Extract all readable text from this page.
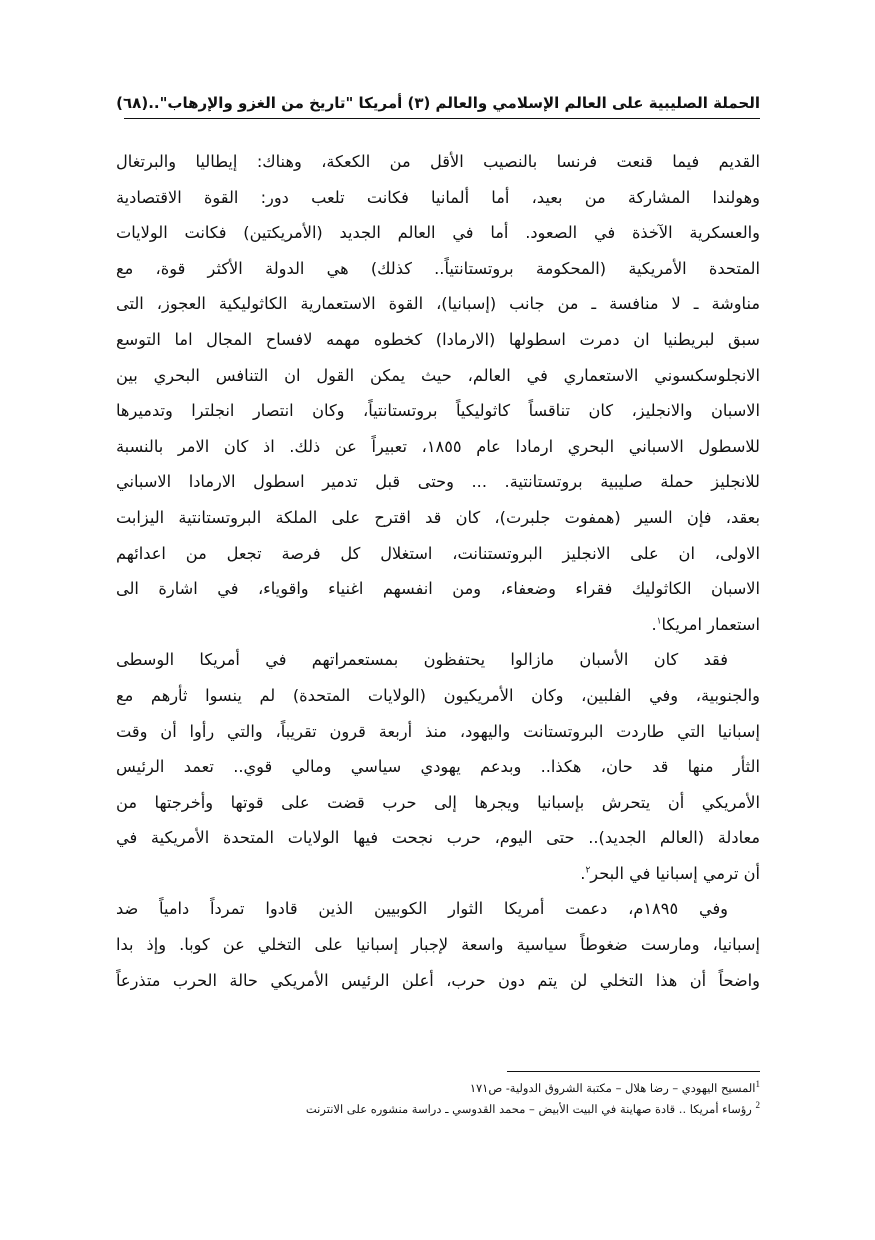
الحملة الصليبية على العالم الإسلامي والعالم (٣) أمريكا "تاريخ من الغزو والإرهاب"..
(٦٨)
القديم فيما قنعت فرنسا بالنصيب الأقل من الكعكة، وهناك: إيطاليا والبرتغال
وهولندا المشاركة من بعيد، أما ألمانيا فكانت تلعب دور: القوة الاقتصادية
والعسكرية الآخذة في الصعود. أما في العالم الجديد (الأمريكتين) فكانت الولايات
المتحدة الأمريكية (المحكومة بروتستانتياً.. كذلك) هي الدولة الأكثر قوة، مع
مناوشة ـ لا منافسة ـ من جانب (إسبانيا)، القوة الاستعمارية الكاثوليكية العجوز، التى
سبق لبريطنيا ان دمرت اسطولها (الارمادا) كخطوه مهمه لافساح المجال اما التوسع
الانجلوسكسوني الاستعماري في العالم، حيث يمكن القول ان التنافس البحري بين
الاسبان والانجليز، كان تناقساً كاثوليكياً بروتستانتياً، وكان انتصار انجلترا وتدميرها
للاسطول الاسباني البحري ارمادا عام ١٨٥٥، تعبيراً عن ذلك. اذ كان الامر بالنسبة
للانجليز حملة صليبية بروتستانتية. ... وحتى قبل تدمير اسطول الارمادا الاسباني
بعقد، فإن السير (همفوت جلبرت)، كان قد اقترح على الملكة البروتستانتية اليزابت
الاولى، ان على الانجليز البروتستنانت، استغلال كل فرصة تجعل من اعدائهم
الاسبان الكاثوليك فقراء وضعفاء، ومن انفسهم اغنياء واقوياء، في اشارة الى
استعمار امريكا$^١$.
فقد كان الأسبان مازالوا يحتفظون بمستعمراتهم في أمريكا الوسطى
والجنوبية، وفي الفلبين، وكان الأمريكيون (الولايات المتحدة) لم ينسوا ثأرهم مع
إسبانيا التي طاردت البروتستانت واليهود، منذ أربعة قرون تقريباً، والتي رأوا أن وقت
الثأر منها قد حان، هكذا.. وبدعم يهودي سياسي ومالي قوي.. تعمد الرئيس
الأمريكي أن يتحرش بإسبانيا ويجرها إلى حرب قضت على قوتها وأخرجتها من
معادلة (العالم الجديد).. حتى اليوم، حرب نجحت فيها الولايات المتحدة الأمريكية في
أن ترمي إسبانيا في البحر$^٢$.
وفي ١٨٩٥م، دعمت أمريكا الثوار الكوبيين الذين قادوا تمرداً دامياً ضد
إسبانيا، ومارست ضغوطاً سياسية واسعة لإجبار إسبانيا على التخلي عن كوبا. وإذ بدا
واضحاً أن هذا التخلي لن يتم دون حرب، أعلن الرئيس الأمريكي حالة الحرب متذرعاً
$^1$المسيح اليهودي – رضا هلال – مكتبة الشروق الدولية- ص١٧١
$^2$ رؤساء أمريكا .. قادة صهاينة في البيت الأبيض – محمد القدوسي ـ دراسة منشوره على الانترنت
